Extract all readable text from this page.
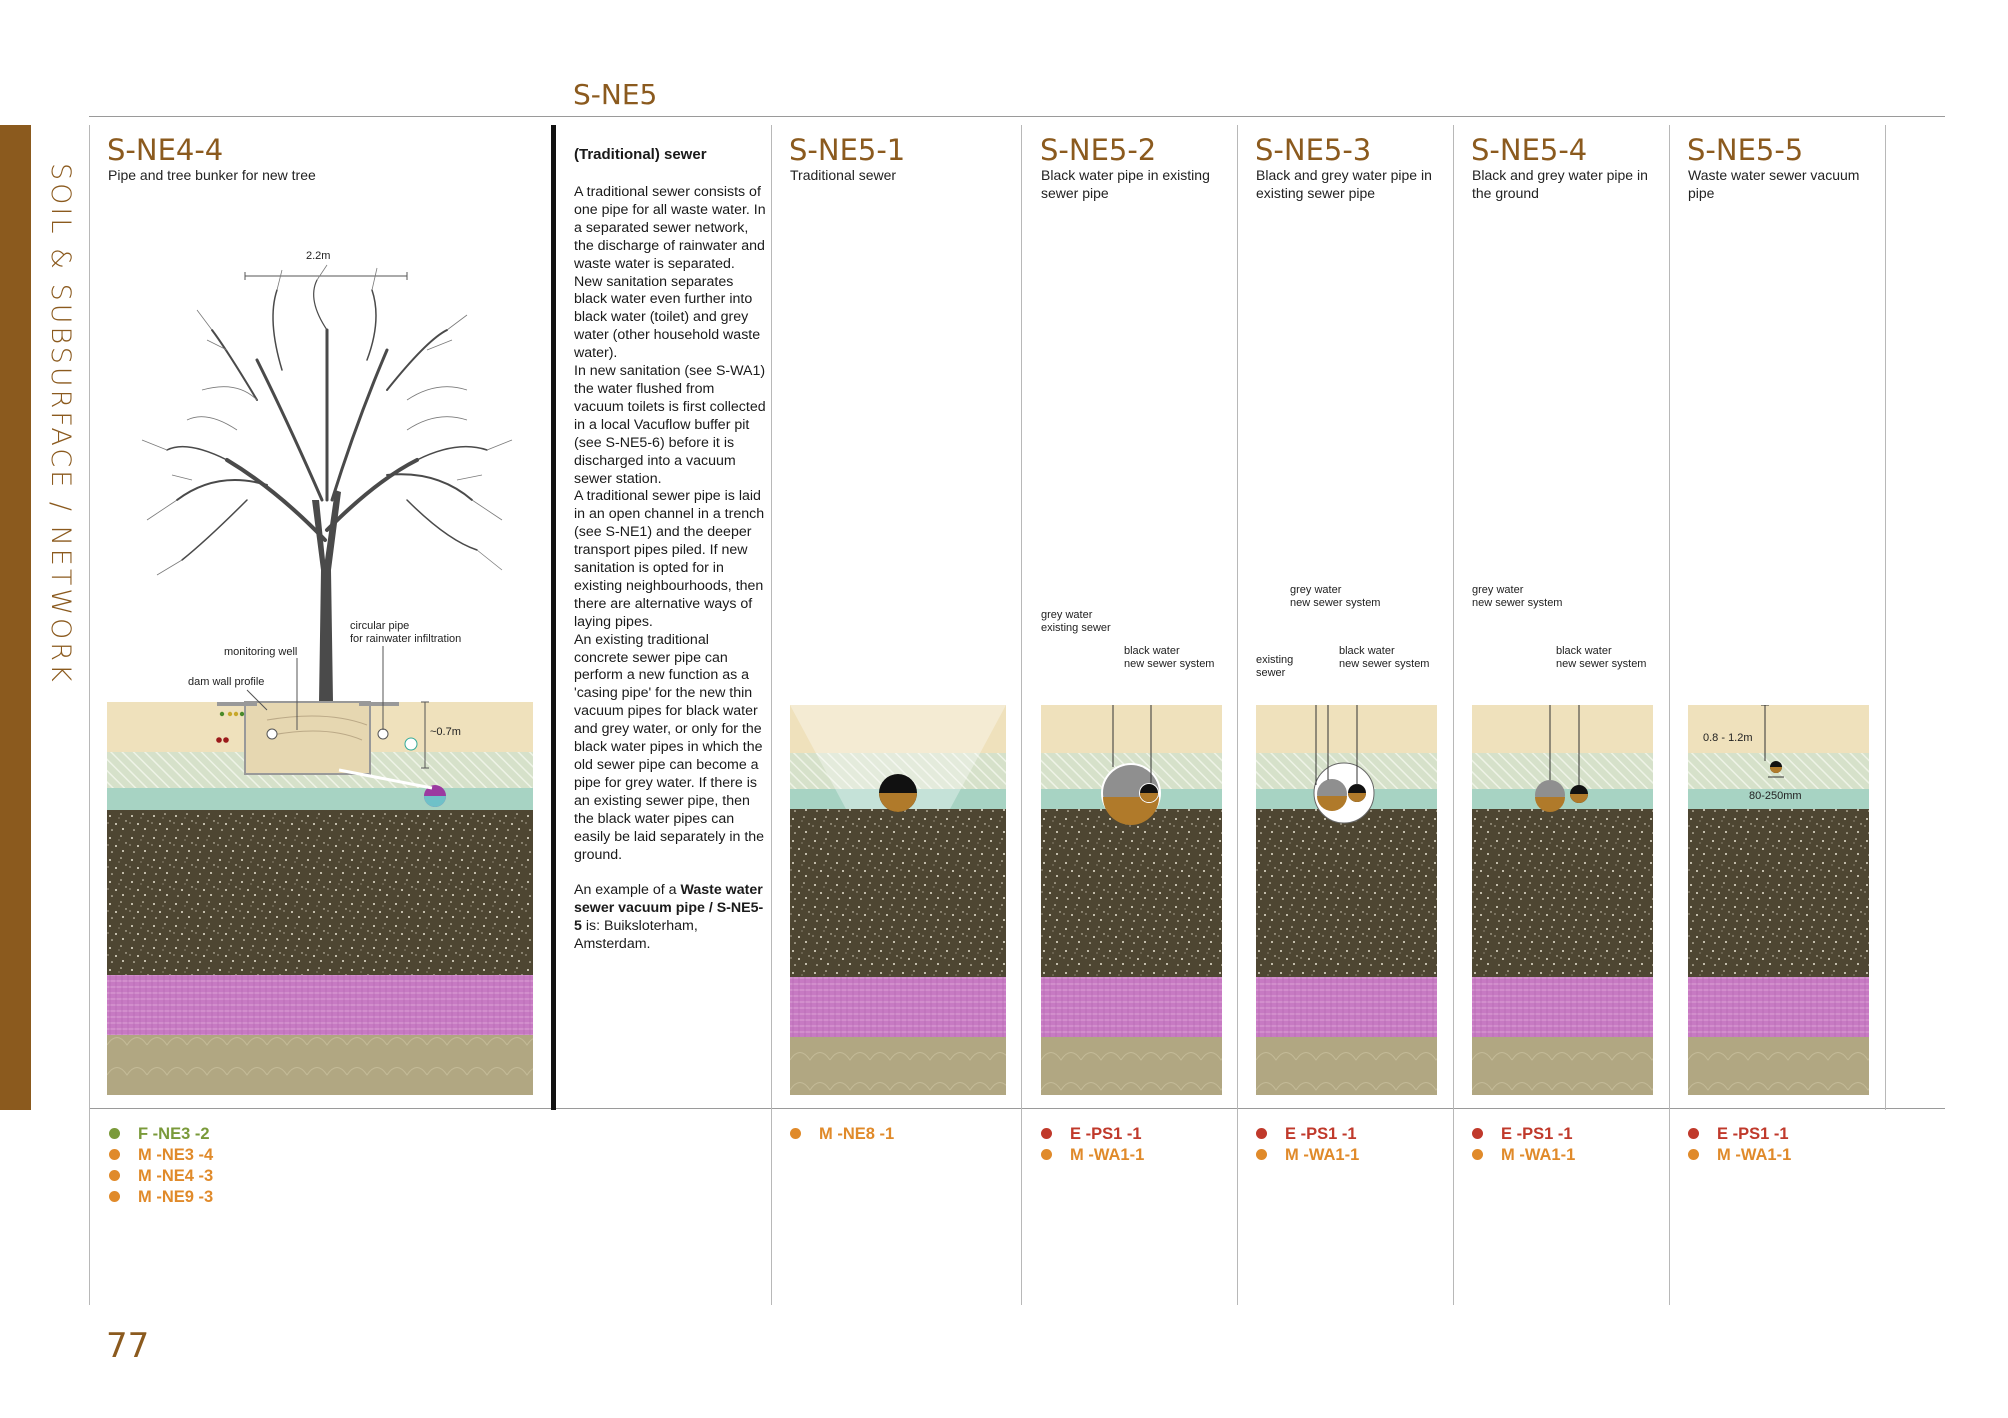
SOIL & SUBSURFACE / NETWORK
S-NE5
S-NE4-4
Pipe and tree bunker for new tree
2.2m
monitoring well
circular pipe
for rainwater infiltration
dam wall profile
~0.7m
(Traditional) sewer
A traditional sewer consists of one pipe for all waste water. In a separated sewer network, the discharge of rainwater and waste water is separated. New sanitation separates black water even further into black water (toilet) and grey water (other household waste water).
In new sanitation (see S-WA1) the water flushed from vacuum toilets is first collected in a local Vacuflow buffer pit (see S-NE5-6) before it is discharged into a vacuum sewer station.
A traditional sewer pipe is laid in an open channel in a trench (see S-NE1) and the deeper transport pipes piled. If new sanitation is opted for in existing neighbourhoods, then there are alternative ways of laying pipes.
An existing traditional concrete sewer pipe can perform a new function as a 'casing pipe' for the new thin vacuum pipes for black water and grey water, or only for the black water pipes in which the old sewer pipe can become a pipe for grey water. If there is an existing sewer pipe, then the black water pipes can easily be laid separately in the ground.
An example of a Waste water sewer vacuum pipe / S-NE5-5 is: Buiksloterham, Amsterdam.
S-NE5-1
Traditional sewer
S-NE5-2
Black water pipe in existing sewer pipe
S-NE5-3
Black and grey water pipe in existing sewer pipe
S-NE5-4
Black and grey water pipe in the ground
S-NE5-5
Waste water sewer vacuum pipe
grey water
existing sewer
black water
new sewer system
grey water
new sewer system
existing
sewer
black water
new sewer system
grey water
new sewer system
black water
new sewer system
0.8 - 1.2m
80-250mm
F -NE3 -2
M -NE3 -4
M -NE4 -3
M -NE9 -3
M -NE8 -1	E -PS1 -1
M -WA1-1
E -PS1 -1
M -WA1-1
E -PS1 -1
M -WA1-1
E -PS1 -1
M -WA1-1
77
